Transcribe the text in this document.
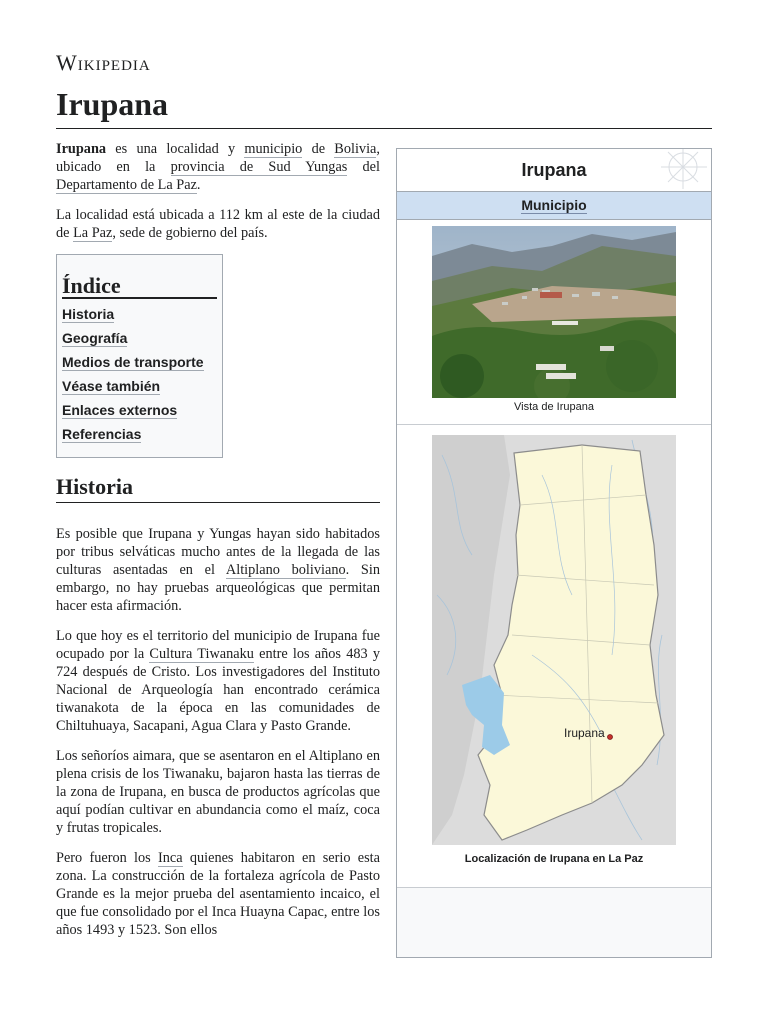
Wikipedia
Irupana

Irupana es una localidad y municipio de Bolivia, ubicado en la provincia de Sud Yungas del Departamento de La Paz.

La localidad está ubicada a 112 km al este de la ciudad de La Paz, sede de gobierno del país.

Índice
Historia
Geografía
Medios de transporte
Véase también
Enlaces externos
Referencias
Historia

Es posible que Irupana y Yungas hayan sido habitados por tribus selváticas mucho antes de la llegada de las culturas asentadas en el Altiplano boliviano. Sin embargo, no hay pruebas arqueológicas que permitan hacer esta afirmación.

Lo que hoy es el territorio del municipio de Irupana fue ocupado por la Cultura Tiwanaku entre los años 483 y 724 después de Cristo. Los investigadores del Instituto Nacional de Arqueología han encontrado cerámica tiwanakota de la época en las comunidades de Chiltuhuaya, Sacapani, Agua Clara y Pasto Grande.

Los señoríos aimara, que se asentaron en el Altiplano en plena crisis de los Tiwanaku, bajaron hasta las tierras de la zona de Irupana, en busca de productos agrícolas que aquí podían cultivar en abundancia como el maíz, coca y frutas tropicales.

Pero fueron los Inca quienes habitaron en serio esta zona. La construcción de la fortaleza agrícola de Pasto Grande es la mejor prueba del asentamiento incaico, el que fue consolidado por el Inca Huayna Capac, entre los años 1493 y 1523. Son ellos

Irupana
Municipio
Vista de Irupana
Irupana
Localización de Irupana en La Paz
